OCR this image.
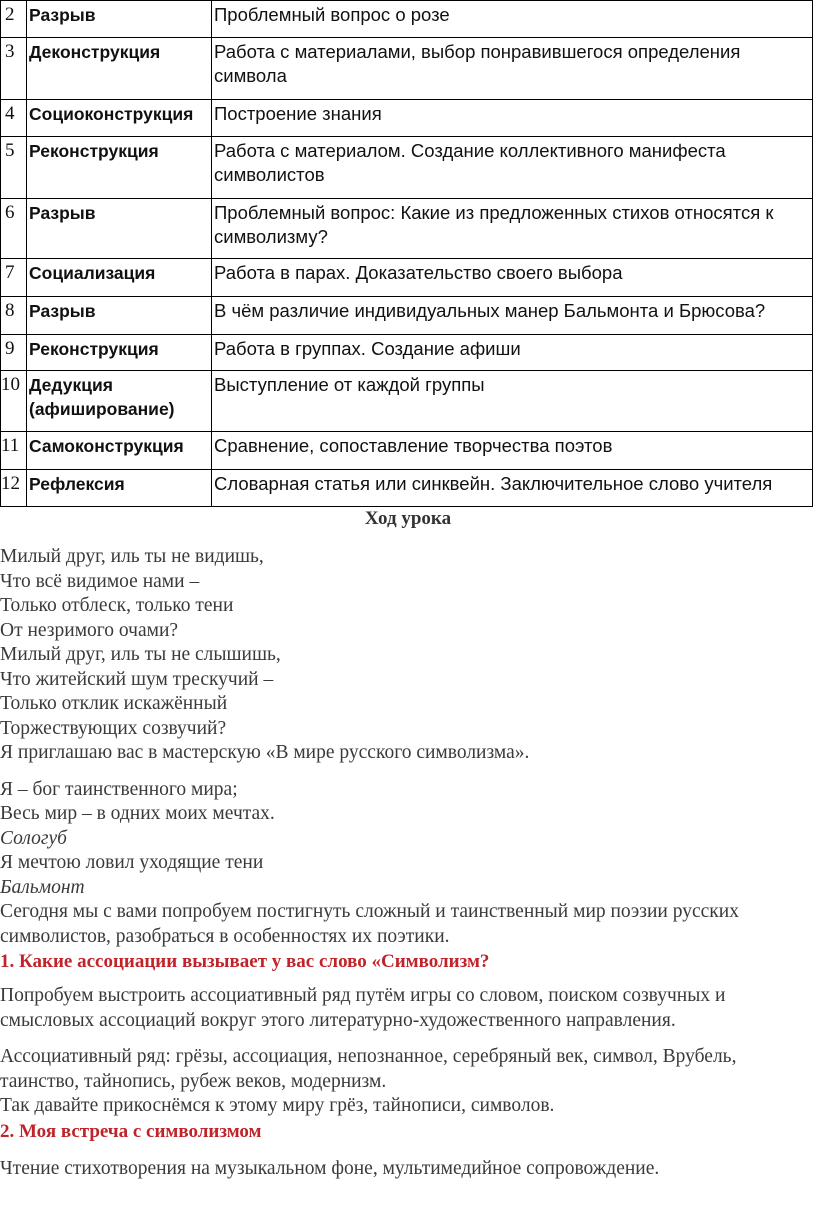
2	Разрыв	Проблемный вопрос о розе
3	Деконструкция	Работа с материалами, выбор понравившегося определения символа
4	Социоконструкция	Построение знания
5	Реконструкция	Работа с материалом. Создание коллективного манифеста символистов
6	Разрыв	Проблемный вопрос: Какие из предложенных стихов относятся к символизму?
7	Социализация	Работа в парах. Доказательство своего выбора
8	Разрыв	В чём различие индивидуальных манер Бальмонта и Брюсова?
9	Реконструкция	Работа в группах. Создание афиши
10	Дедукция (афиширование)	Выступление от каждой группы
11	Самоконструкция	Сравнение, сопоставление творчества поэтов
12	Рефлексия	Словарная статья или синквейн. Заключительное слово учителя
Ход урока

Милый друг, иль ты не видишь,

Что всё видимое нами –

Только отблеск, только тени

От незримого очами?

Милый друг, иль ты не слышишь,

Что житейский шум трескучий –

Только отклик искажённый

Торжествующих созвучий?

Я приглашаю вас в мастерскую «В мире русского символизма».

Я – бог таинственного мира;

Весь мир – в одних моих мечтах.

Сологуб

Я мечтою ловил уходящие тени

Бальмонт

Сегодня мы с вами попробуем постигнуть сложный и таинственный мир поэзии русских символистов, разобраться в особенностях их поэтики.

1. Какие ассоциации вызывает у вас слово «Символизм?

Попробуем выстроить ассоциативный ряд путём игры со словом, поиском созвучных и смысловых ассоциаций вокруг этого литературно-художественного направления.

Ассоциативный ряд: грёзы, ассоциация, непознанное, серебряный век, символ, Врубель, таинство, тайнопись, рубеж веков, модернизм.

Так давайте прикоснёмся к этому миру грёз, тайнописи, символов.

2. Моя встреча с символизмом

Чтение стихотворения на музыкальном фоне, мультимедийное сопровождение.
